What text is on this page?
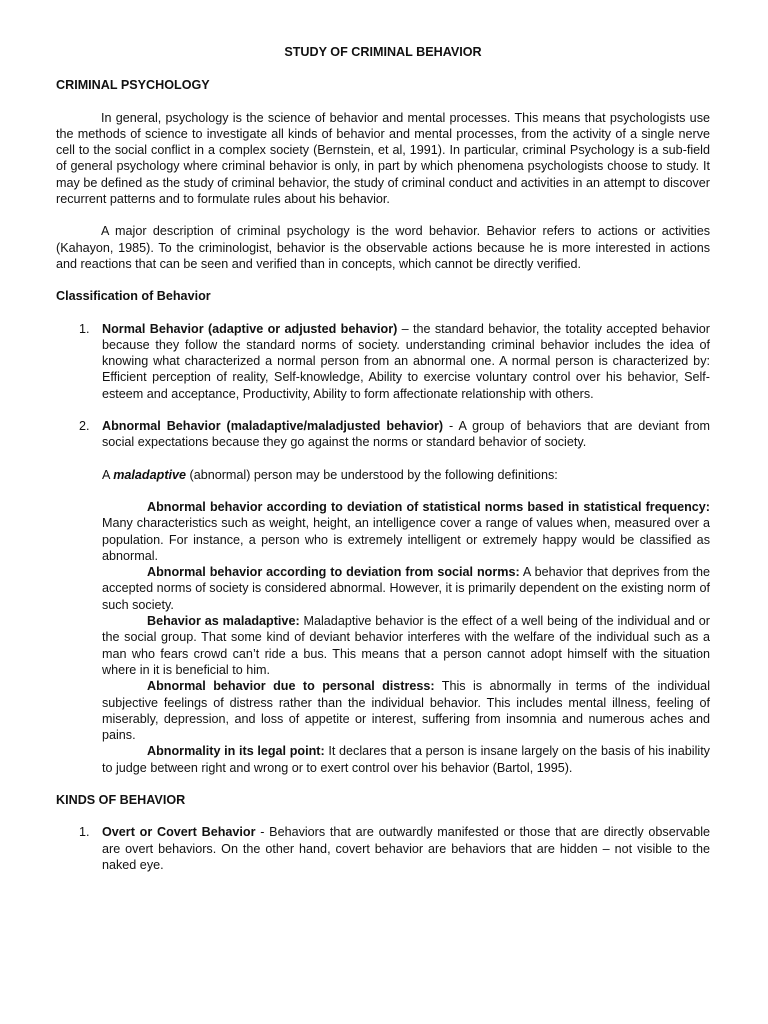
STUDY OF CRIMINAL BEHAVIOR
CRIMINAL PSYCHOLOGY

In general, psychology is the science of behavior and mental processes. This means that psychologists use the methods of science to investigate all kinds of behavior and mental processes, from the activity of a single nerve cell to the social conflict in a complex society (Bernstein, et al, 1991). In particular, criminal Psychology is a sub-field of general psychology where criminal behavior is only, in part by which phenomena psychologists choose to study. It may be defined as the study of criminal behavior, the study of criminal conduct and activities in an attempt to discover recurrent patterns and to formulate rules about his behavior.

A major description of criminal psychology is the word behavior. Behavior refers to actions or activities (Kahayon, 1985). To the criminologist, behavior is the observable actions because he is more interested in actions and reactions that can be seen and verified than in concepts, which cannot be directly verified.

Classification of Behavior
1. Normal Behavior (adaptive or adjusted behavior) – the standard behavior, the totality accepted behavior because they follow the standard norms of society. understanding criminal behavior includes the idea of knowing what characterized a normal person from an abnormal one. A normal person is characterized by: Efficient perception of reality, Self-knowledge, Ability to exercise voluntary control over his behavior, Self-esteem and acceptance, Productivity, Ability to form affectionate relationship with others.
2. Abnormal Behavior (maladaptive/maladjusted behavior) - A group of behaviors that are deviant from social expectations because they go against the norms or standard behavior of society.
A maladaptive (abnormal) person may be understood by the following definitions:

Abnormal behavior according to deviation of statistical norms based in statistical frequency: Many characteristics such as weight, height, an intelligence cover a range of values when, measured over a population. For instance, a person who is extremely intelligent or extremely happy would be classified as abnormal.

Abnormal behavior according to deviation from social norms: A behavior that deprives from the accepted norms of society is considered abnormal. However, it is primarily dependent on the existing norm of such society.

Behavior as maladaptive: Maladaptive behavior is the effect of a well being of the individual and or the social group. That some kind of deviant behavior interferes with the welfare of the individual such as a man who fears crowd can’t ride a bus. This means that a person cannot adopt himself with the situation where in it is beneficial to him.

Abnormal behavior due to personal distress: This is abnormally in terms of the individual subjective feelings of distress rather than the individual behavior. This includes mental illness, feeling of miserably, depression, and loss of appetite or interest, suffering from insomnia and numerous aches and pains.

Abnormality in its legal point: It declares that a person is insane largely on the basis of his inability to judge between right and wrong or to exert control over his behavior (Bartol, 1995).

KINDS OF BEHAVIOR
1. Overt or Covert Behavior - Behaviors that are outwardly manifested or those that are directly observable are overt behaviors. On the other hand, covert behavior are behaviors that are hidden – not visible to the naked eye.
